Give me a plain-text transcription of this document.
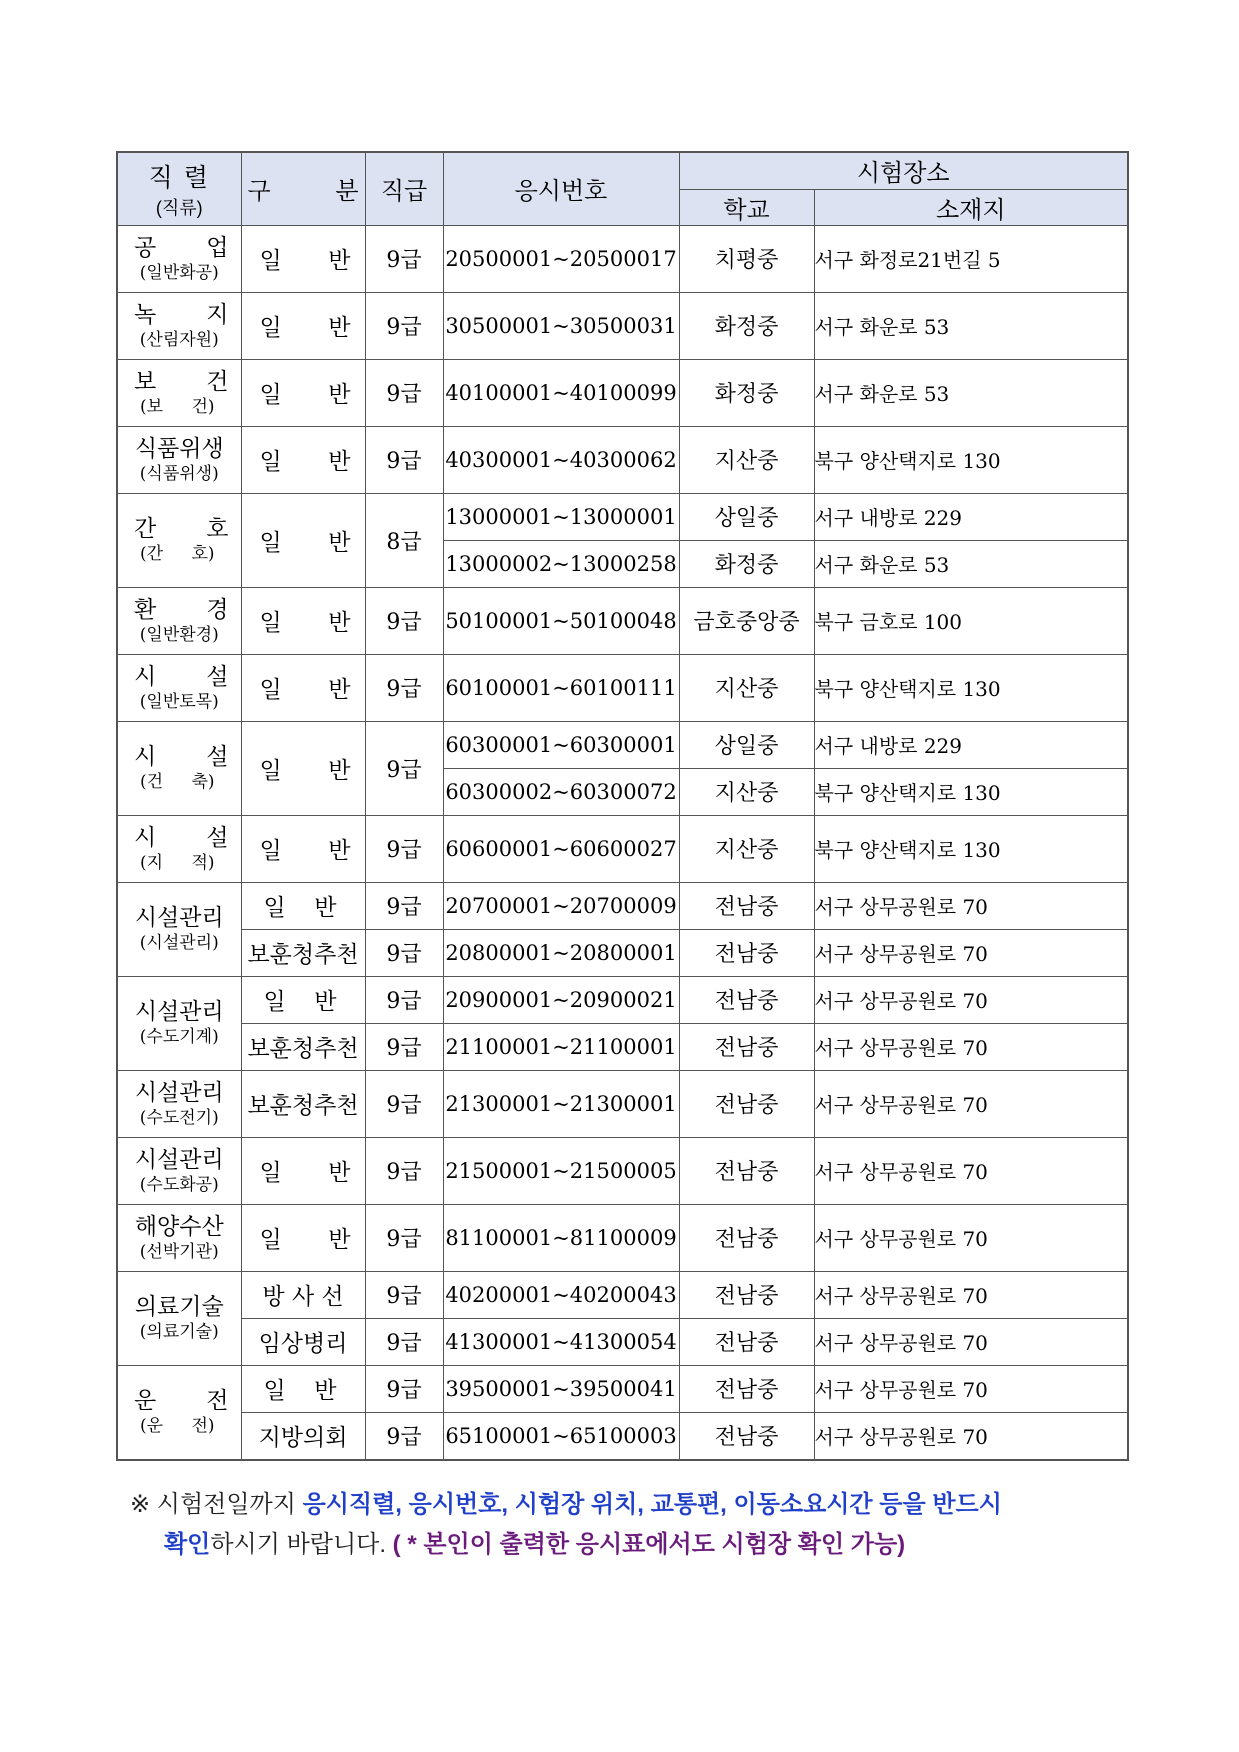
직 렬
(직류)	구 분	직급	응시번호	시험장소	
				학교	소재지

공 업
(일반화공)	일 반	9급	20500001~20500017	치평중	서구 화정로21번길 5

녹 지
(산림자원)	일 반	9급	30500001~30500031	화정중	서구 화운로 53

보 건
(보 건)	일 반	9급	40100001~40100099	화정중	서구 화운로 53

식품위생
(식품위생)	일 반	9급	40300001~40300062	지산중	북구 양산택지로 130

간 호
(간 호)	일 반	8급	13000001~13000001	상일중	서구 내방로 229
			13000002~13000258	화정중	서구 화운로 53

환 경
(일반환경)	일 반	9급	50100001~50100048	금호중앙중	북구 금호로 100

시 설
(일반토목)	일 반	9급	60100001~60100111	지산중	북구 양산택지로 130

시 설
(건 축)	일 반	9급	60300001~60300001	상일중	서구 내방로 229
			60300002~60300072	지산중	북구 양산택지로 130

시 설
(지 적)	일 반	9급	60600001~60600027	지산중	북구 양산택지로 130

시설관리
(시설관리)	일 반	9급	20700001~20700009	전남중	서구 상무공원로 70
	보훈청추천	9급	20800001~20800001	전남중	서구 상무공원로 70

시설관리
(수도기계)	일 반	9급	20900001~20900021	전남중	서구 상무공원로 70
	보훈청추천	9급	21100001~21100001	전남중	서구 상무공원로 70

시설관리
(수도전기)	보훈청추천	9급	21300001~21300001	전남중	서구 상무공원로 70

시설관리
(수도화공)	일 반	9급	21500001~21500005	전남중	서구 상무공원로 70

해양수산
(선박기관)	일 반	9급	81100001~81100009	전남중	서구 상무공원로 70

의료기술
(의료기술)	방 사 선	9급	40200001~40200043	전남중	서구 상무공원로 70
	임상병리	9급	41300001~41300054	전남중	서구 상무공원로 70

운 전
(운 전)	일 반	9급	39500001~39500041	전남중	서구 상무공원로 70
	지방의회	9급	65100001~65100003	전남중	서구 상무공원로 70
※ 시험전일까지 응시직렬, 응시번호, 시험장 위치, 교통편, 이동소요시간 등을 반드시
확인하시기 바랍니다. ( * 본인이 출력한 응시표에서도 시험장 확인 가능)
